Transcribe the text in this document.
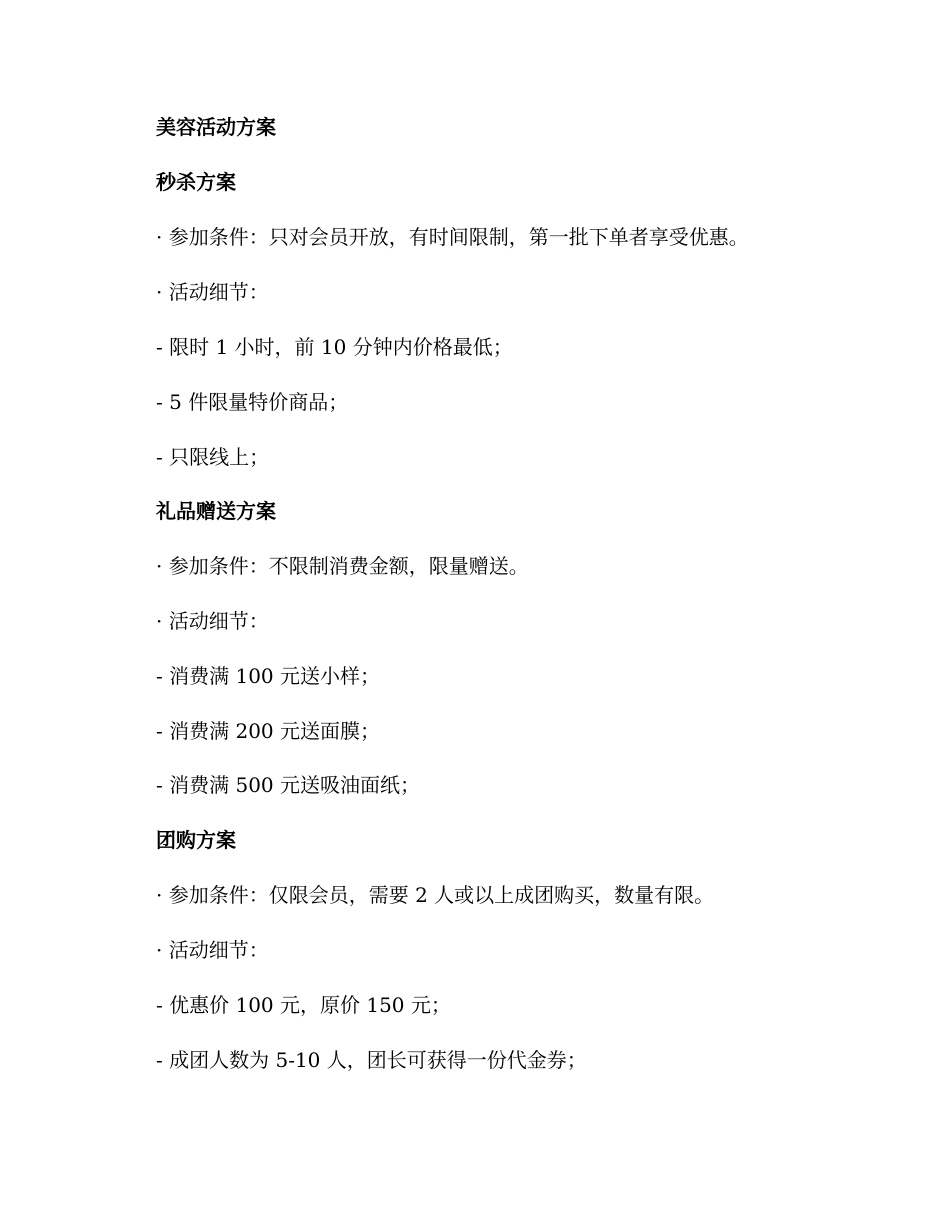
美容活动方案
秒杀方案
· 参加条件：只对会员开放，有时间限制，第一批下单者享受优惠。
· 活动细节：
- 限时 1 小时，前 10 分钟内价格最低；
- 5 件限量特价商品；
- 只限线上；
礼品赠送方案
· 参加条件：不限制消费金额，限量赠送。
· 活动细节：
- 消费满 100 元送小样；
- 消费满 200 元送面膜；
- 消费满 500 元送吸油面纸；
团购方案
· 参加条件：仅限会员，需要 2 人或以上成团购买，数量有限。
· 活动细节：
- 优惠价 100 元，原价 150 元；
- 成团人数为 5-10 人，团长可获得一份代金券；
